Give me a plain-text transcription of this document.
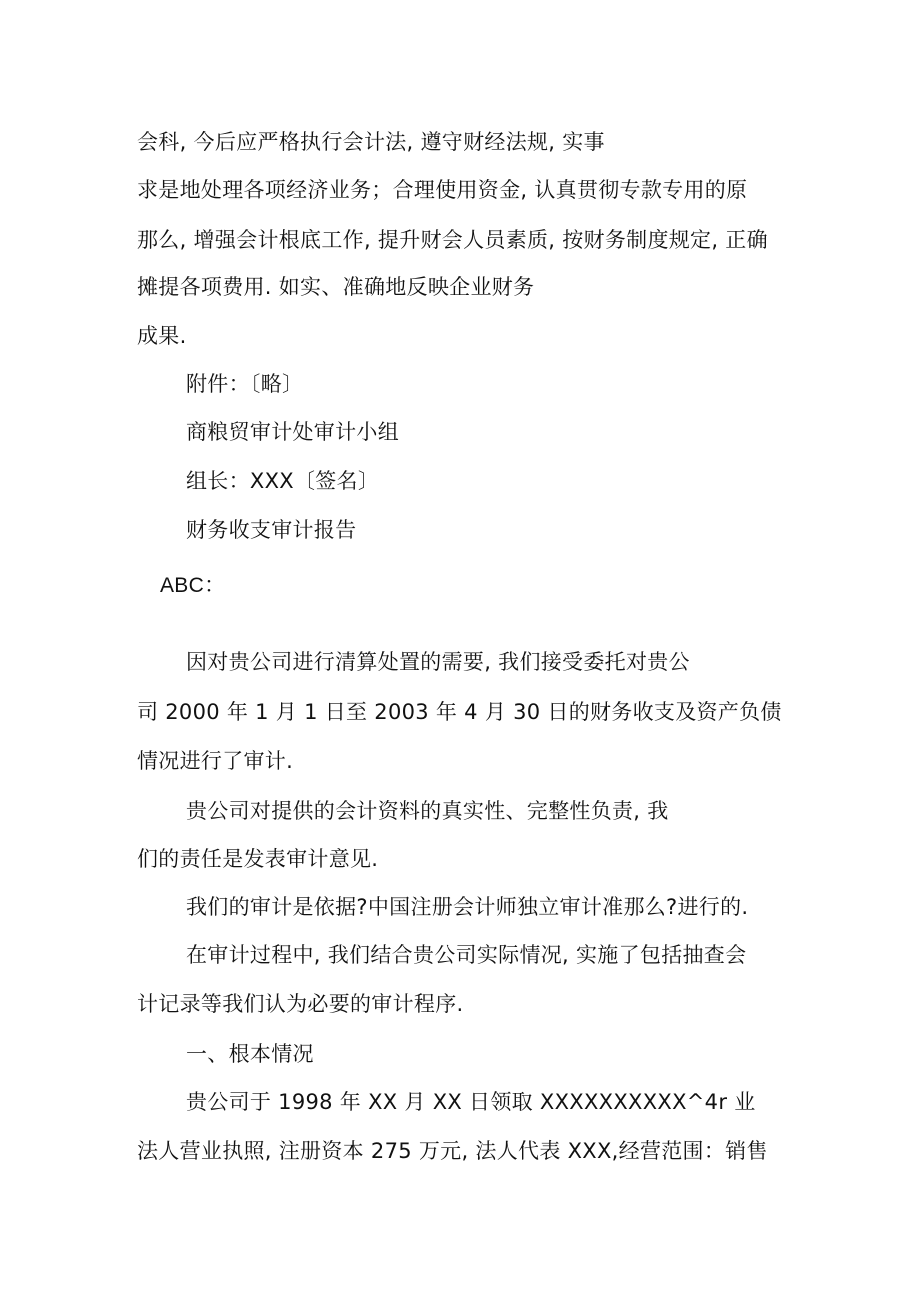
会科, 今后应严格执行会计法, 遵守财经法规, 实事
求是地处理各项经济业务；合理使用资金, 认真贯彻专款专用的原
那么, 增强会计根底工作, 提升财会人员素质, 按财务制度规定, 正确
摊提各项费用. 如实、准确地反映企业财务
成果.
附件：〔略〕
商粮贸审计处审计小组
组长：XXX〔签名〕
财务收支审计报告
ABC：
因对贵公司进行清算处置的需要, 我们接受委托对贵公
司 2000 年 1 月 1 日至 2003 年 4 月 30 日的财务收支及资产负债
情况进行了审计.
贵公司对提供的会计资料的真实性、完整性负责, 我
们的责任是发表审计意见.
我们的审计是依据?中国注册会计师独立审计准那么?进行的.
在审计过程中, 我们结合贵公司实际情况, 实施了包括抽查会
计记录等我们认为必要的审计程序.
一、根本情况
贵公司于 1998 年 XX 月 XX 日领取 XXXXXXXXXX^4r 业
法人营业执照, 注册资本 275 万元, 法人代表 XXX,经营范围：销售
